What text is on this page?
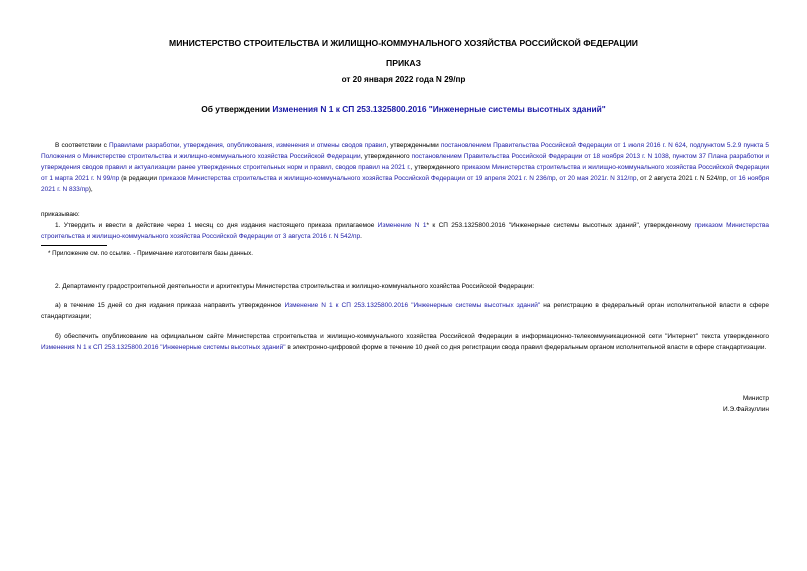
МИНИСТЕРСТВО СТРОИТЕЛЬСТВА И ЖИЛИЩНО-КОММУНАЛЬНОГО ХОЗЯЙСТВА РОССИЙСКОЙ ФЕДЕРАЦИИ
ПРИКАЗ
от 20 января 2022 года N 29/пр
Об утверждении Изменения N 1 к СП 253.1325800.2016 "Инженерные системы высотных зданий"
В соответствии с Правилами разработки, утверждения, опубликования, изменения и отмены сводов правил, утвержденными постановлением Правительства Российской Федерации от 1 июля 2016 г. N 624, подпунктом 5.2.9 пункта 5 Положения о Министерстве строительства и жилищно-коммунального хозяйства Российской Федерации, утвержденного постановлением Правительства Российской Федерации от 18 ноября 2013 г. N 1038, пунктом 37 Плана разработки и утверждения сводов правил и актуализации ранее утвержденных строительных норм и правил, сводов правил на 2021 г., утвержденного приказом Министерства строительства и жилищно-коммунального хозяйства Российской Федерации от 1 марта 2021 г. N 99/пр (в редакции приказов Министерства строительства и жилищно-коммунального хозяйства Российской Федерации от 19 апреля 2021 г. N 236/пр, от 20 мая 2021г. N 312/пр, от 2 августа 2021 г. N 524/пр, от 16 ноября 2021 г. N 833/пр),
приказываю:
1. Утвердить и ввести в действие через 1 месяц со дня издания настоящего приказа прилагаемое Изменение N 1* к СП 253.1325800.2016 "Инженерные системы высотных зданий", утвержденному приказом Министерства строительства и жилищно-коммунального хозяйства Российской Федерации от 3 августа 2016 г. N 542/пр.
* Приложение см. по ссылке. - Примечание изготовителя базы данных.
2. Департаменту градостроительной деятельности и архитектуры Министерства строительства и жилищно-коммунального хозяйства Российской Федерации:
а) в течение 15 дней со дня издания приказа направить утвержденное Изменение N 1 к СП 253.1325800.2016 "Инженерные системы высотных зданий" на регистрацию в федеральный орган исполнительной власти в сфере стандартизации;
б) обеспечить опубликование на официальном сайте Министерства строительства и жилищно-коммунального хозяйства Российской Федерации в информационно-телекоммуникационной сети "Интернет" текста утвержденного Изменения N 1 к СП 253.1325800.2016 "Инженерные системы высотных зданий" в электронно-цифровой форме в течение 10 дней со дня регистрации свода правил федеральным органом исполнительной власти в сфере стандартизации.
Министр
И.Э.Файзуллин
